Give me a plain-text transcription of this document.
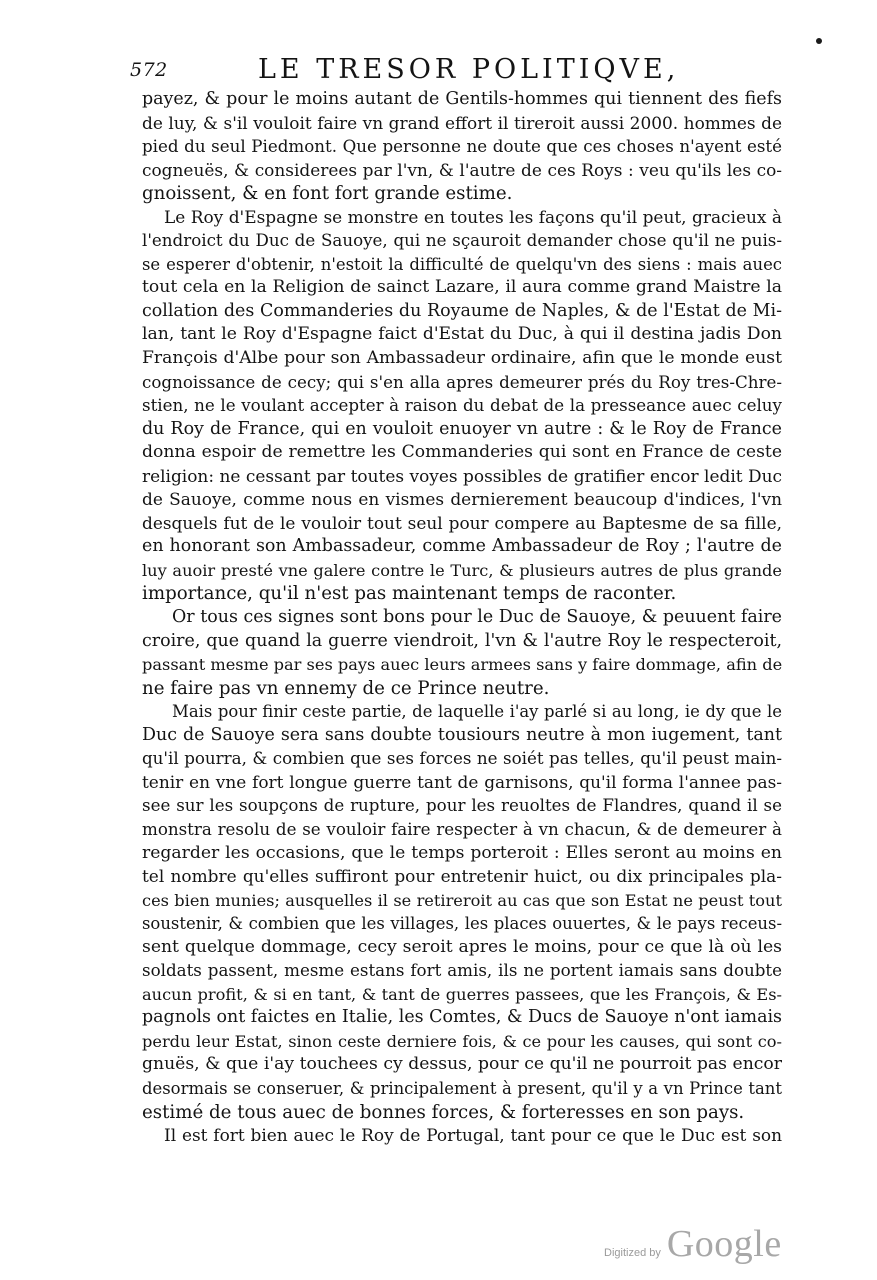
572	LE TRESOR POLITIQVE,
payez, & pour le moins autant de Gentils-hommes qui tiennent des fiefs
de luy, & s'il vouloit faire vn grand effort il tireroit aussi 2000. hommes de
pied du seul Piedmont. Que personne ne doute que ces choses n'ayent esté
cogneuës, & considerees par l'vn, & l'autre de ces Roys : veu qu'ils les co-
gnoissent, & en font fort grande estime.
Le Roy d'Espagne se monstre en toutes les façons qu'il peut, gracieux à
l'endroict du Duc de Sauoye, qui ne sçauroit demander chose qu'il ne puis-
se esperer d'obtenir, n'estoit la difficulté de quelqu'vn des siens : mais auec
tout cela en la Religion de sainct Lazare, il aura comme grand Maistre la
collation des Commanderies du Royaume de Naples, & de l'Estat de Mi-
lan, tant le Roy d'Espagne faict d'Estat du Duc, à qui il destina jadis Don
François d'Albe pour son Ambassadeur ordinaire, afin que le monde eust
cognoissance de cecy; qui s'en alla apres demeurer prés du Roy tres-Chre-
stien, ne le voulant accepter à raison du debat de la presseance auec celuy
du Roy de France, qui en vouloit enuoyer vn autre : & le Roy de France
donna espoir de remettre les Commanderies qui sont en France de ceste
religion: ne cessant par toutes voyes possibles de gratifier encor ledit Duc
de Sauoye, comme nous en vismes dernierement beaucoup d'indices, l'vn
desquels fut de le vouloir tout seul pour compere au Baptesme de sa fille,
en honorant son Ambassadeur, comme Ambassadeur de Roy ; l'autre de
luy auoir presté vne galere contre le Turc, & plusieurs autres de plus grande
importance, qu'il n'est pas maintenant temps de raconter.
Or tous ces signes sont bons pour le Duc de Sauoye, & peuuent faire
croire, que quand la guerre viendroit, l'vn & l'autre Roy le respecteroit,
passant mesme par ses pays auec leurs armees sans y faire dommage, afin de
ne faire pas vn ennemy de ce Prince neutre.
Mais pour finir ceste partie, de laquelle i'ay parlé si au long, ie dy que le
Duc de Sauoye sera sans doubte tousiours neutre à mon iugement, tant
qu'il pourra, & combien que ses forces ne soiét pas telles, qu'il peust main-
tenir en vne fort longue guerre tant de garnisons, qu'il forma l'annee pas-
see sur les soupçons de rupture, pour les reuoltes de Flandres, quand il se
monstra resolu de se vouloir faire respecter à vn chacun, & de demeurer à
regarder les occasions, que le temps porteroit : Elles seront au moins en
tel nombre qu'elles suffiront pour entretenir huict, ou dix principales pla-
ces bien munies; ausquelles il se retireroit au cas que son Estat ne peust tout
soustenir, & combien que les villages, les places ouuertes, & le pays receus-
sent quelque dommage, cecy seroit apres le moins, pour ce que là où les
soldats passent, mesme estans fort amis, ils ne portent iamais sans doubte
aucun profit, & si en tant, & tant de guerres passees, que les François, & Es-
pagnols ont faictes en Italie, les Comtes, & Ducs de Sauoye n'ont iamais
perdu leur Estat, sinon ceste derniere fois, & ce pour les causes, qui sont co-
gnuës, & que i'ay touchees cy dessus, pour ce qu'il ne pourroit pas encor
desormais se conseruer, & principalement à present, qu'il y a vn Prince tant
estimé de tous auec de bonnes forces, & forteresses en son pays.
Il est fort bien auec le Roy de Portugal, tant pour ce que le Duc est son
Digitized by Google
